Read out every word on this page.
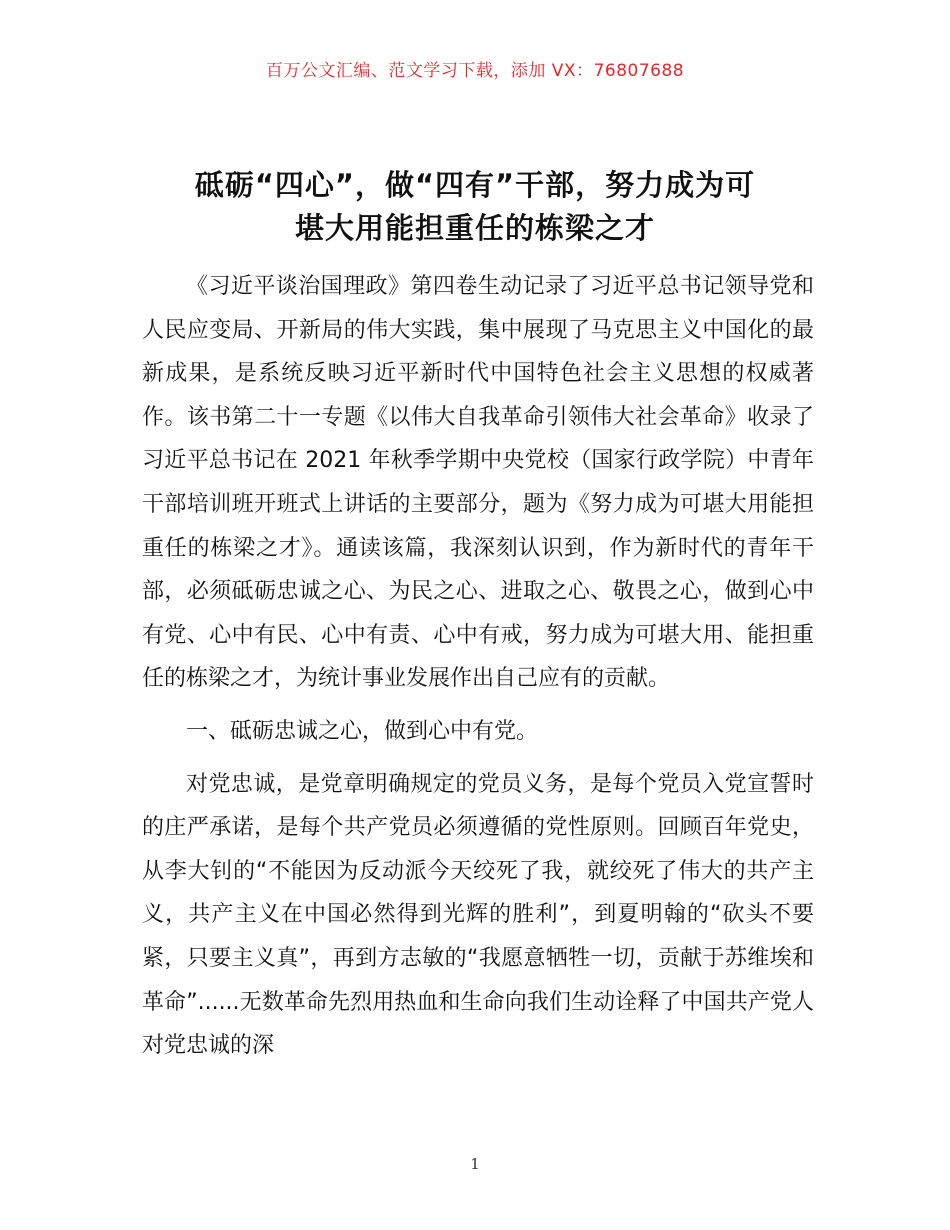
百万公文汇编、范文学习下载，添加 VX：76807688
砥砺“四心”，做“四有”干部，努力成为可
堪大用能担重任的栋梁之才

《习近平谈治国理政》第四卷生动记录了习近平总书记领导党和人民应变局、开新局的伟大实践，集中展现了马克思主义中国化的最新成果，是系统反映习近平新时代中国特色社会主义思想的权威著作。该书第二十一专题《以伟大自我革命引领伟大社会革命》收录了习近平总书记在 2021 年秋季学期中央党校（国家行政学院）中青年干部培训班开班式上讲话的主要部分，题为《努力成为可堪大用能担重任的栋梁之才》。通读该篇，我深刻认识到，作为新时代的青年干部，必须砥砺忠诚之心、为民之心、进取之心、敬畏之心，做到心中有党、心中有民、心中有责、心中有戒，努力成为可堪大用、能担重任的栋梁之才，为统计事业发展作出自己应有的贡献。

一、砥砺忠诚之心，做到心中有党。

对党忠诚，是党章明确规定的党员义务，是每个党员入党宣誓时的庄严承诺，是每个共产党员必须遵循的党性原则。回顾百年党史，从李大钊的“不能因为反动派今天绞死了我，就绞死了伟大的共产主义，共产主义在中国必然得到光辉的胜利”，到夏明翰的“砍头不要紧，只要主义真”，再到方志敏的“我愿意牺牲一切，贡献于苏维埃和革命”......无数革命先烈用热血和生命向我们生动诠释了中国共产党人对党忠诚的深

1
